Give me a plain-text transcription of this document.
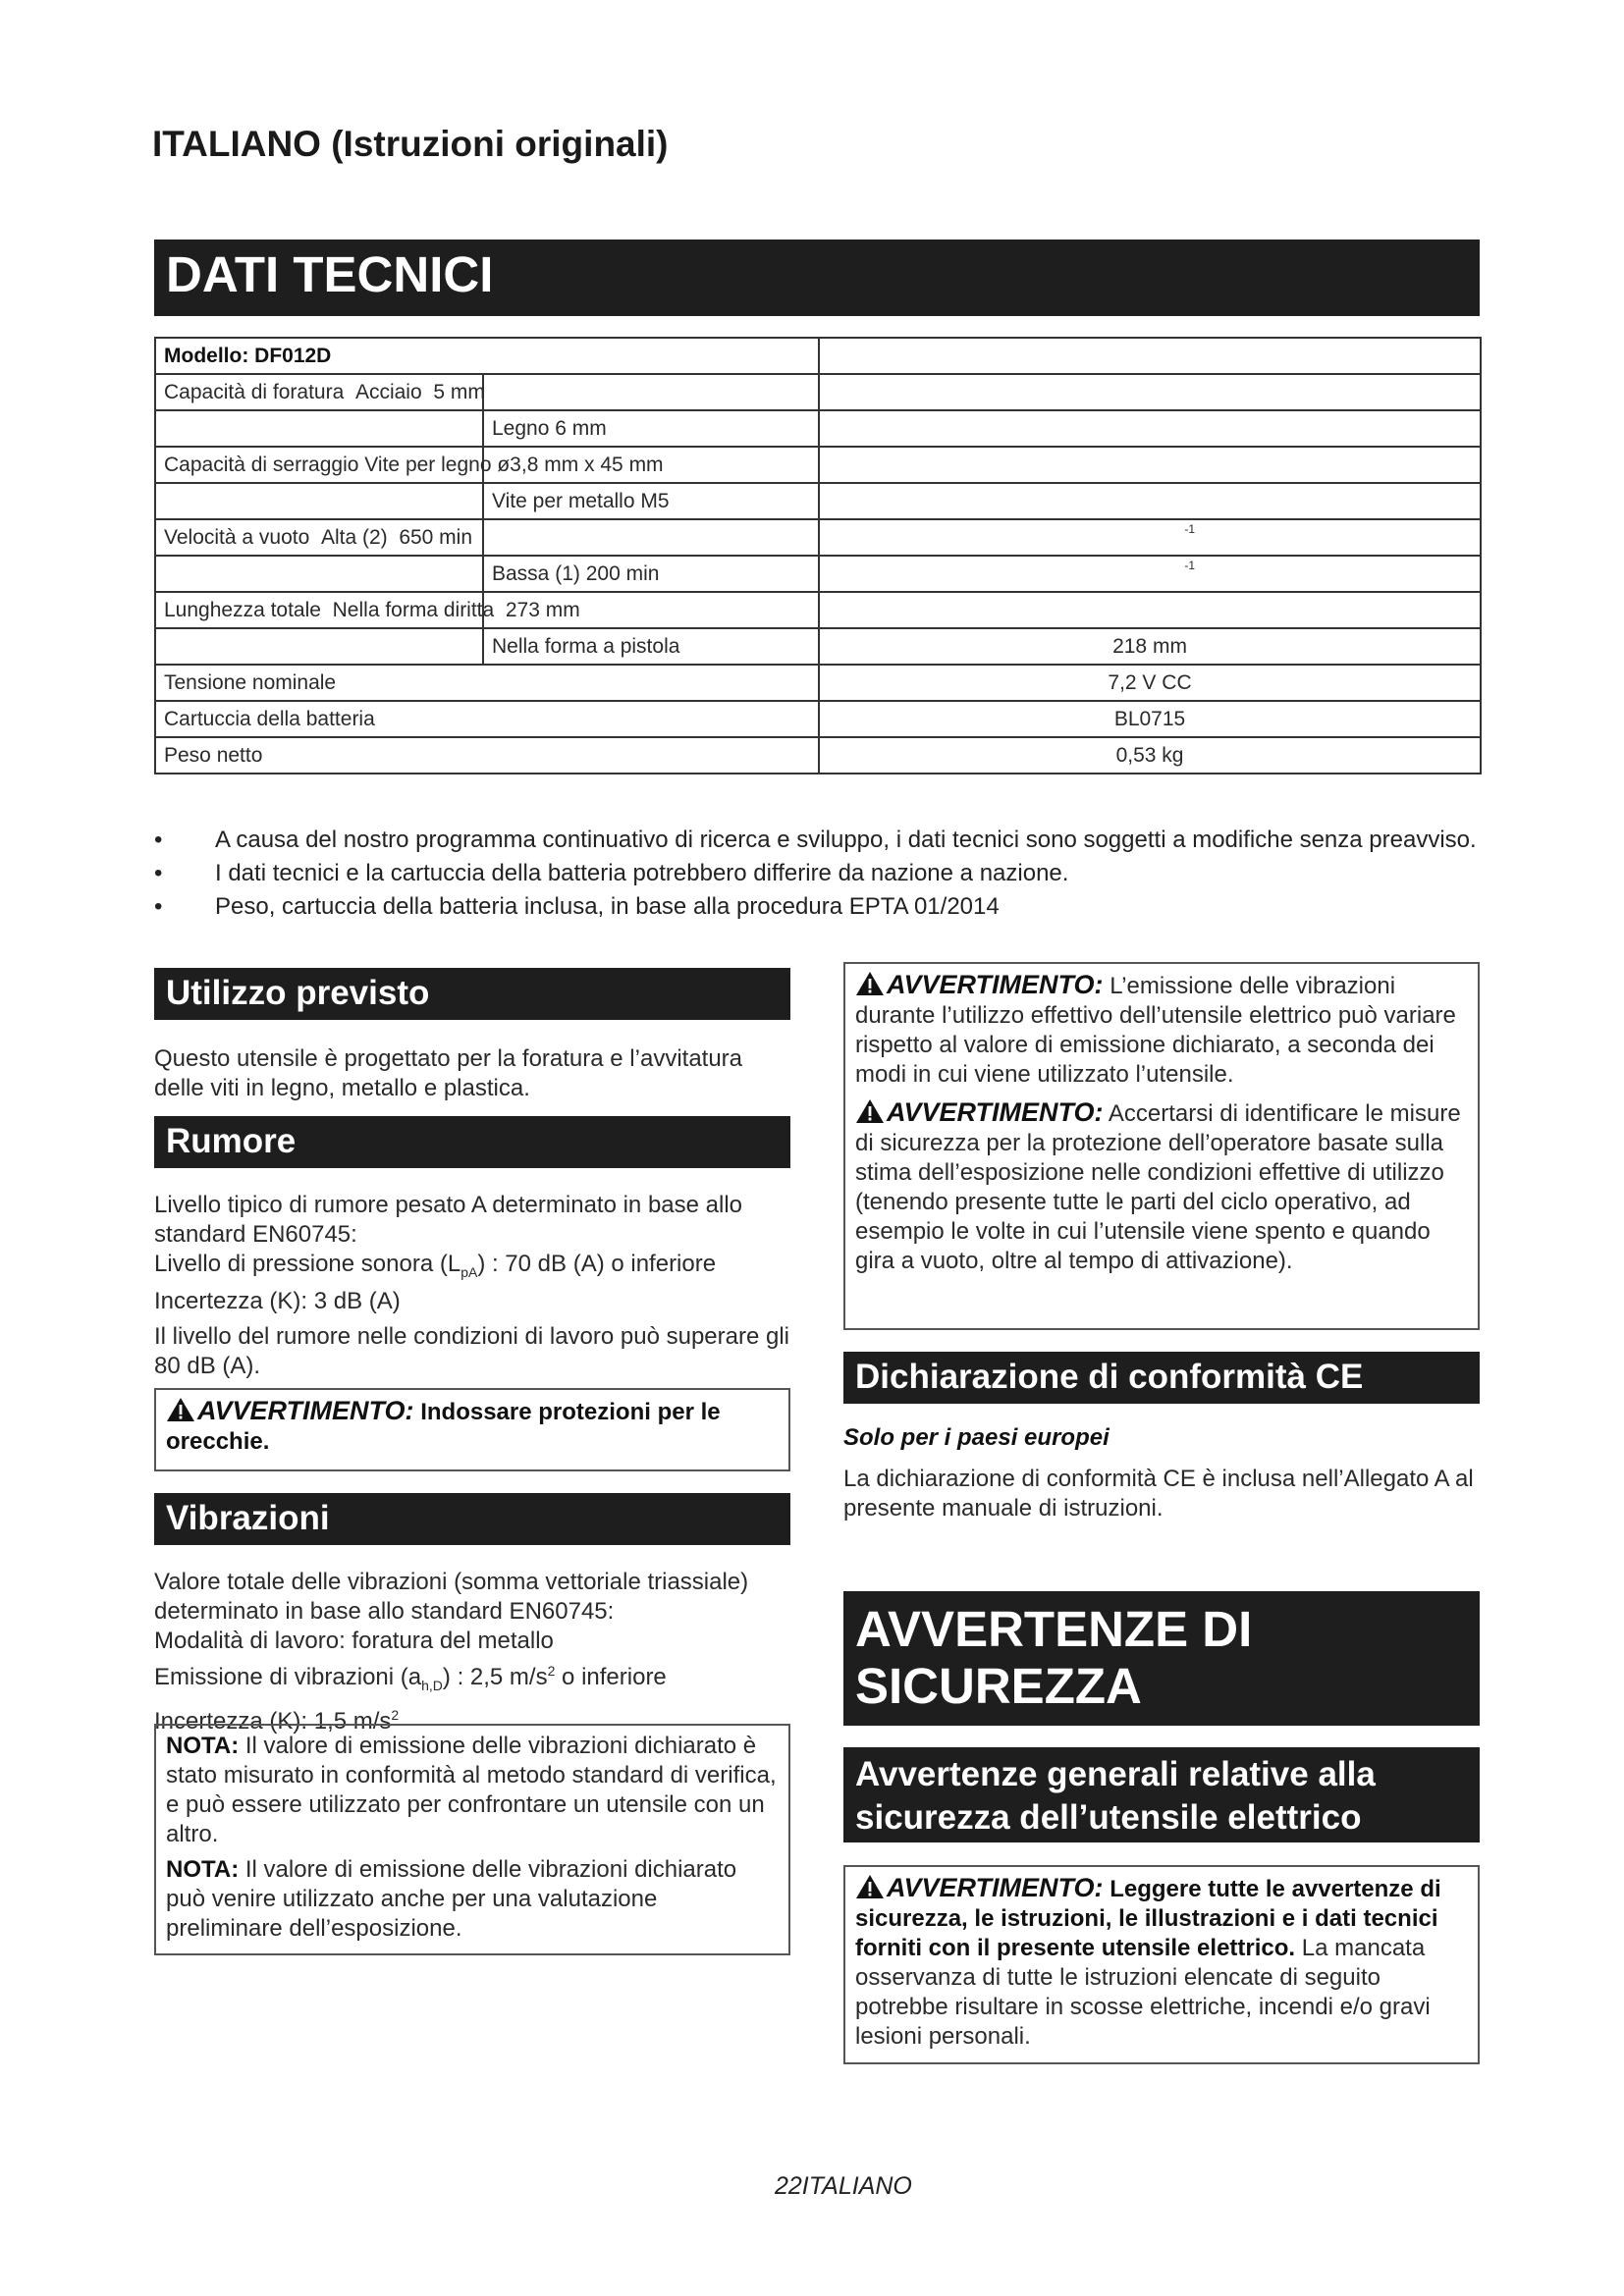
ITALIANO (Istruzioni originali)
DATI TECNICI
Modello: DF012D		
Capacità di foratura Acciaio 5 mm		
	Legno 6 mm	
Capacità di serraggio Vite per legno ø3,8 mm x 45 mm		
	Vite per metallo M5	
Velocità a vuoto Alta (2) 650 min		-1

	Bassa (1) 200 min	-1

Lunghezza totale Nella forma diritta 273 mm		
	Nella forma a pistola	218 mm
Tensione nominale		7,2 V CC
Cartuccia della batteria		BL0715
Peso netto		0,53 kg
• A causa del nostro programma continuativo di ricerca e sviluppo, i dati tecnici sono soggetti a modifiche senza preavviso.
• I dati tecnici e la cartuccia della batteria potrebbero differire da nazione a nazione.
• Peso, cartuccia della batteria inclusa, in base alla procedura EPTA 01/2014
Utilizzo previsto
Questo utensile è progettato per la foratura e l’avvitatura delle viti in legno, metallo e plastica.
Rumore
Livello tipico di rumore pesato A determinato in base allo standard EN60745:
Livello di pressione sonora $(L_{pA})$ : 70 dB (A) o inferiore
Incertezza (K): 3 dB (A)
Il livello del rumore nelle condizioni di lavoro può superare gli 80 dB (A).
AVVERTIMENTO: Indossare protezioni per le orecchie.
Vibrazioni
Valore totale delle vibrazioni (somma vettoriale triassiale) determinato in base allo standard EN60745:
Modalità di lavoro: foratura del metallo
Emissione di vibrazioni $(a_{h,D})$ : 2,5 $m/s^2$ o inferiore
Incertezza (K): 1,5 $m/s^2$
NOTA: Il valore di emissione delle vibrazioni dichiarato è stato misurato in conformità al metodo standard di verifica, e può essere utilizzato per confrontare un utensile con un altro.
NOTA: Il valore di emissione delle vibrazioni dichiarato può venire utilizzato anche per una valutazione preliminare dell’esposizione.
AVVERTIMENTO: L’emissione delle vibrazioni durante l’utilizzo effettivo dell’utensile elettrico può variare rispetto al valore di emissione dichiarato, a seconda dei modi in cui viene utilizzato l’utensile.
AVVERTIMENTO: Accertarsi di identificare le misure di sicurezza per la protezione dell’operatore basate sulla stima dell’esposizione nelle condizioni effettive di utilizzo (tenendo presente tutte le parti del ciclo operativo, ad esempio le volte in cui l’utensile viene spento e quando gira a vuoto, oltre al tempo di attivazione).
Dichiarazione di conformità CE
Solo per i paesi europei
La dichiarazione di conformità CE è inclusa nell’Allegato A al presente manuale di istruzioni.
AVVERTENZE DI SICUREZZA
Avvertenze generali relative alla sicurezza dell’utensile elettrico
AVVERTIMENTO: Leggere tutte le avvertenze di sicurezza, le istruzioni, le illustrazioni e i dati tecnici forniti con il presente utensile elettrico. La mancata osservanza di tutte le istruzioni elencate di seguito potrebbe risultare in scosse elettriche, incendi e/o gravi lesioni personali.
22ITALIANO
